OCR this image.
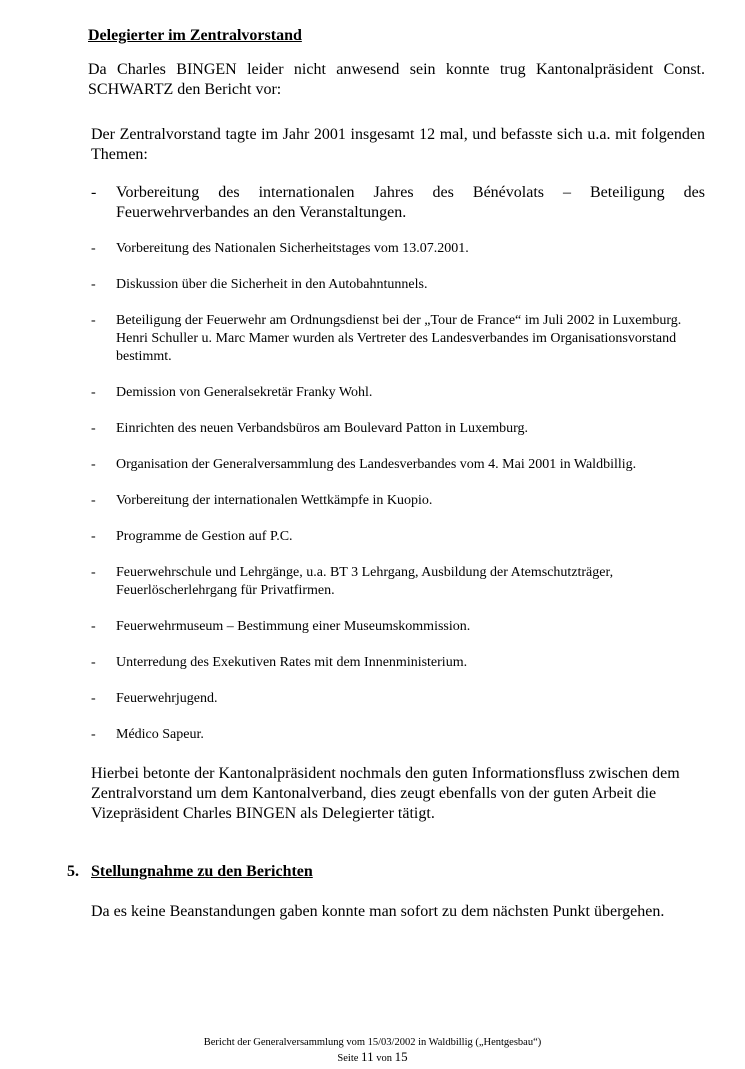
Delegierter im Zentralvorstand
Da Charles BINGEN leider nicht anwesend sein konnte trug Kantonalpräsident Const. SCHWARTZ den Bericht vor:
Der Zentralvorstand tagte im Jahr 2001 insgesamt 12 mal, und befasste sich u.a. mit folgenden Themen:
- Vorbereitung des internationalen Jahres des Bénévolats – Beteiligung des Feuerwehrverbandes an den Veranstaltungen.
- Vorbereitung des Nationalen Sicherheitstages vom 13.07.2001.
- Diskussion über die Sicherheit in den Autobahntunnels.
- Beteiligung der Feuerwehr am Ordnungsdienst bei der „Tour de France“ im Juli 2002 in Luxemburg. Henri Schuller u. Marc Mamer wurden als Vertreter des Landesverbandes im Organisationsvorstand bestimmt.
- Demission von Generalsekretär Franky Wohl.
- Einrichten des neuen Verbandsbüros am Boulevard Patton in Luxemburg.
- Organisation der Generalversammlung des Landesverbandes vom 4. Mai 2001 in Waldbillig.
- Vorbereitung der internationalen Wettkämpfe in Kuopio.
- Programme de Gestion auf P.C.
- Feuerwehrschule und Lehrgänge, u.a. BT 3 Lehrgang, Ausbildung der Atemschutzträger, Feuerlöscherlehrgang für Privatfirmen.
- Feuerwehrmuseum – Bestimmung einer Museumskommission.
- Unterredung des Exekutiven Rates mit dem Innenministerium.
- Feuerwehrjugend.
- Médico Sapeur.
Hierbei betonte der Kantonalpräsident nochmals den guten Informationsfluss zwischen dem Zentralvorstand um dem Kantonalverband, dies zeugt ebenfalls von der guten Arbeit die Vizepräsident Charles BINGEN als Delegierter tätigt.
5. Stellungnahme zu den Berichten
Da es keine Beanstandungen gaben konnte man sofort zu dem nächsten Punkt übergehen.
Bericht der Generalversammlung vom 15/03/2002 in Waldbillig („Hentgesbau“)
Seite 11 von 15
